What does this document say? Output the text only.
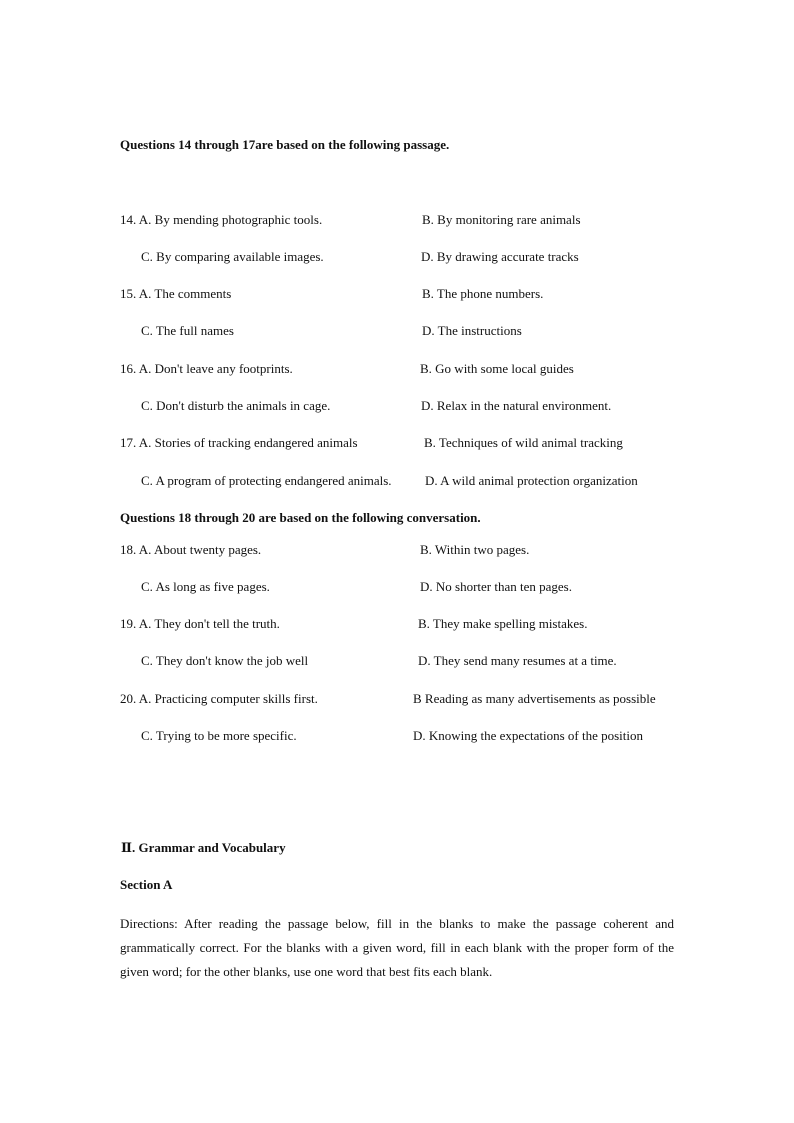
Questions 14 through 17are based on the following passage.
14. A. By mending photographic tools.	B. By monitoring rare animals
C. By comparing available images.	D. By drawing accurate tracks
15. A. The comments	B. The phone numbers.
C. The full names	D. The instructions
16. A. Don't leave any footprints.	B. Go with some local guides
C. Don't disturb the animals in cage.	D. Relax in the natural environment.
17. A. Stories of tracking endangered animals	B. Techniques of wild animal tracking
C. A program of protecting endangered animals.	D. A wild animal protection organization
Questions 18 through 20 are based on the following conversation.
18. A. About twenty pages.	B. Within two pages.
C. As long as five pages.	D. No shorter than ten pages.
19. A. They don't tell the truth.	B. They make spelling mistakes.
C. They don't know the job well	D. They send many resumes at a time.
20. A. Practicing computer skills first.	B Reading as many advertisements as possible
C. Trying to be more specific.	D. Knowing the expectations of the position
Ⅱ. Grammar and Vocabulary
Section A
Directions: After reading the passage below, fill in the blanks to make the passage coherent and grammatically correct. For the blanks with a given word, fill in each blank with the proper form of the given word; for the other blanks, use one word that best fits each blank.
